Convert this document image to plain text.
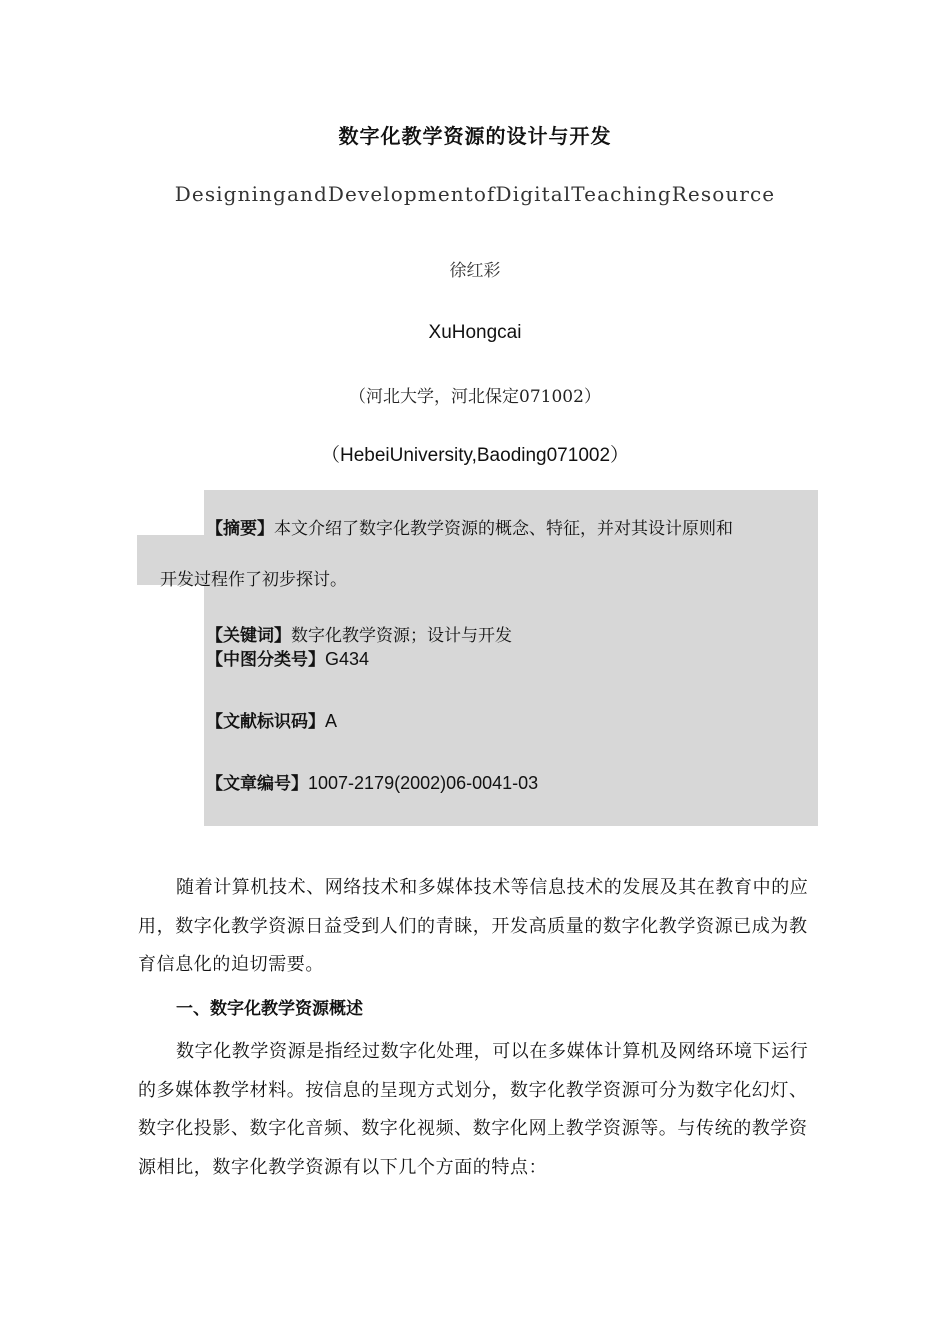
数字化教学资源的设计与开发
DesigningandDevelopmentofDigitalTeachingResource
徐红彩
XuHongcai
（河北大学，河北保定071002）
（HebeiUniversity,Baoding071002）
【摘要】本文介绍了数字化教学资源的概念、特征，并对其设计原则和
开发过程作了初步探讨。
【关键词】数字化教学资源；设计与开发
【中图分类号】G434
【文献标识码】A
【文章编号】1007-2179(2002)06-0041-03
随着计算机技术、网络技术和多媒体技术等信息技术的发展及其在教育中的应用，数字化教学资源日益受到人们的青睐，开发高质量的数字化教学资源已成为教育信息化的迫切需要。
一、数字化教学资源概述
数字化教学资源是指经过数字化处理，可以在多媒体计算机及网络环境下运行的多媒体教学材料。按信息的呈现方式划分，数字化教学资源可分为数字化幻灯、数字化投影、数字化音频、数字化视频、数字化网上教学资源等。与传统的教学资源相比，数字化教学资源有以下几个方面的特点：
